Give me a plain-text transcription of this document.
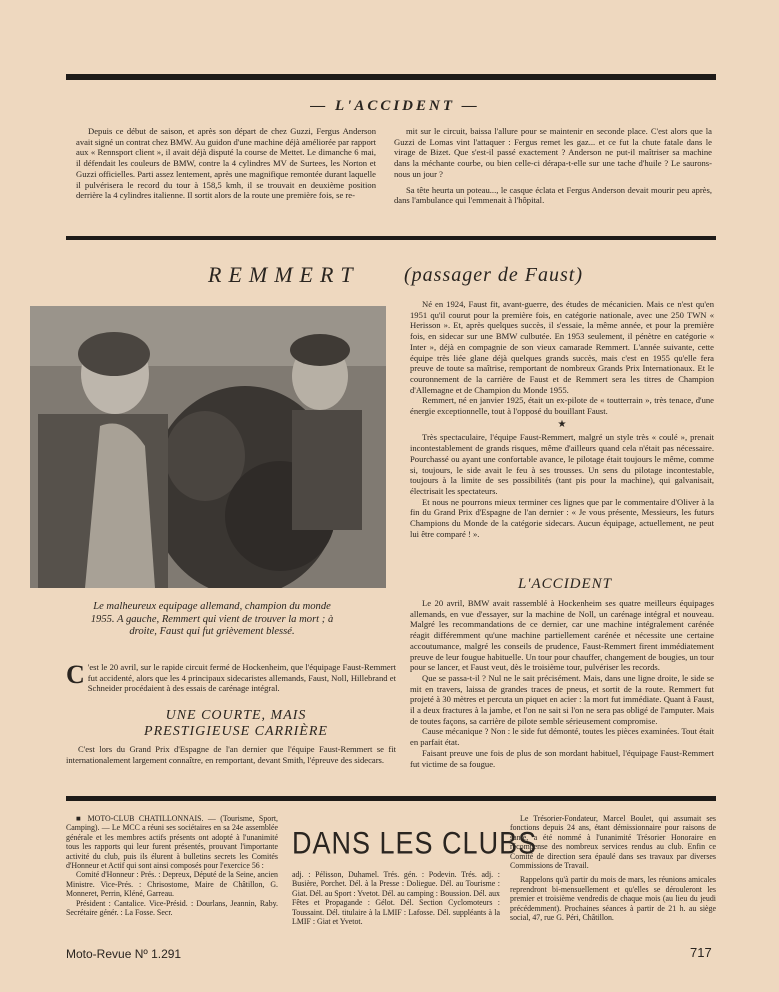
— L'ACCIDENT —

Depuis ce début de saison, et après son départ de chez Guzzi, Fergus Anderson avait signé un contrat chez BMW. Au guidon d'une machine déjà améliorée par rapport aux « Rennsport client », il avait déjà disputé la course de Mettet. Le dimanche 6 mai, il défendait les couleurs de BMW, contre la 4 cylindres MV de Surtees, les Norton et Guzzi officielles. Parti assez lentement, après une magnifique remontée durant laquelle il pulvérisera le record du tour à 158,5 kmh, il se trouvait en deuxième position derrière la 4 cylindres italienne. Il sortit alors de la route une première fois, se re-

mit sur le circuit, baissa l'allure pour se maintenir en seconde place. C'est alors que la Guzzi de Lomas vint l'attaquer : Fergus remet les gaz... et ce fut la chute fatale dans le virage de Bizet. Que s'est-il passé exactement ? Anderson ne put-il maîtriser sa machine dans la méchante courbe, ou bien celle-ci dérapa-t-elle sur une tache d'huile ? Le saurons-nous un jour ?

Sa tête heurta un poteau..., le casque éclata et Fergus Anderson devait mourir peu après, dans l'ambulance qui l'emmenait à l'hôpital.

REMMERT (passager de Faust)
Le malheureux equipage allemand, champion du monde 1955. A gauche, Remmert qui vient de trouver la mort ; à droite, Faust qui fut grièvement blessé.
C 'est le 20 avril, sur le rapide circuit fermé de Hockenheim, que l'équipage Faust-Remmert fut accidenté, alors que les 4 principaux sidecaristes allemands, Faust, Noll, Hillebrand et Schneider procédaient à des essais de carénage intégral.
UNE COURTE, MAIS PRESTIGIEUSE CARRIÈRE

C'est lors du Grand Prix d'Espagne de l'an dernier que l'équipe Faust-Remmert se fit internationalement largement connaître, en remportant, devant Smith, l'épreuve des sidecars.

Né en 1924, Faust fit, avant-guerre, des études de mécanicien. Mais ce n'est qu'en 1951 qu'il courut pour la première fois, en catégorie nationale, avec une 250 TWN « Herisson ». Et, après quelques succès, il s'essaie, la même année, et pour la première fois, en sidecar sur une BMW culbutée. En 1953 seulement, il pénètre en catégorie « Inter », déjà en compagnie de son vieux camarade Remmert. L'année suivante, cette équipe très liée glane déjà quelques grands succès, mais c'est en 1955 qu'elle fera preuve de toute sa maîtrise, remportant de nombreux Grands Prix Internationaux. Et le couronnement de la carrière de Faust et de Remmert sera les titres de Champion d'Allemagne et de Champion du Monde 1955.

Remmert, né en janvier 1925, était un ex-pilote de « toutterrain », très tenace, d'une énergie exceptionnelle, tout à l'opposé du bouillant Faust.

★

Très spectaculaire, l'équipe Faust-Remmert, malgré un style très « coulé », prenait incontestablement de grands risques, même d'ailleurs quand cela n'était pas nécessaire. Pourchassé ou ayant une confortable avance, le pilotage était toujours le même, comme si, toujours, le side avait le feu à ses trousses. Un sens du pilotage incontestable, toujours à la limite de ses possibilités (tant pis pour la machine), qui galvanisait, électrisait les spectateurs.

Et nous ne pourrons mieux terminer ces lignes que par le commentaire d'Oliver à la fin du Grand Prix d'Espagne de l'an dernier : « Je vous présente, Messieurs, les futurs Champions du Monde de la catégorie sidecars. Aucun équipage, actuellement, ne peut lui être comparé ! ».

L'ACCIDENT

Le 20 avril, BMW avait rassemblé à Hockenheim ses quatre meilleurs équipages allemands, en vue d'essayer, sur la machine de Noll, un carénage intégral et nouveau. Malgré les recommandations de ce dernier, car une machine intégralement carénée réagit différemment qu'une machine partiellement carénée et nécessite une certaine accoutumance, malgré les conseils de prudence, Faust-Remmert firent immédiatement preuve de leur fougue habituelle. Un tour pour chauffer, changement de bougies, un tour pour se lancer, et Faust veut, dès le troisième tour, pulvériser les records.

Que se passa-t-il ? Nul ne le sait précisément. Mais, dans une ligne droite, le side se mit en travers, laissa de grandes traces de pneus, et sortit de la route. Remmert fut projeté à 30 mètres et percuta un piquet en acier : la mort fut immédiate. Quant à Faust, il a deux fractures à la jambe, et l'on ne sait si l'on ne sera pas obligé de l'amputer. Mais de toutes façons, sa carrière de pilote semble sérieusement compromise.

Cause mécanique ? Non : le side fut démonté, toutes les pièces examinées. Tout était en parfait état.

Faisant preuve une fois de plus de son mordant habituel, l'équipage Faust-Remmert fut victime de sa fougue.

■ MOTO-CLUB CHATILLONNAIS. — (Tourisme, Sport, Camping). — Le MCC a réuni ses sociétaires en sa 24e assemblée générale et les membres actifs présents ont adopté à l'unanimité tous les rapports qui leur furent présentés, prouvant l'importante activité du club, puis ils élurent à bulletins secrets les Comités d'Honneur et Actif qui sont ainsi composés pour l'exercice 56 :

Comité d'Honneur : Prés. : Depreux, Député de la Seine, ancien Ministre. Vice-Prés. : Chrisostome, Maire de Châtillon, G. Monneret, Perrin, Kléné, Garreau.

Président : Cantalice. Vice-Présid. : Dourlans, Jeannin, Raby. Secrétaire génér. : La Fosse. Secr.

DANS LES CLUBS

adj. : Pélisson, Duhamel. Trés. gén. : Podevin. Trés. adj. : Busière, Porchet. Dél. à la Presse : Doliegue. Dél. au Tourisme : Giat. Dél. au Sport : Yvetot. Dél. au camping : Boussion. Dél. aux Fêtes et Propagande : Gélot. Dél. Section Cyclomoteurs : Toussaint. Dél. titulaire à la LMIF : Lafosse. Dél. suppléants à la LMIF : Giat et Yvetot.

Le Trésorier-Fondateur, Marcel Boulet, qui assumait ses fonctions depuis 24 ans, étant démissionnaire pour raisons de santé, a été nommé à l'unanimité Trésorier Honoraire en récompense des nombreux services rendus au club. Enfin ce Comité de direction sera épaulé dans ses travaux par diverses Commissions de Travail.

Rappelons qu'à partir du mois de mars, les réunions amicales reprendront bi-mensuellement et qu'elles se dérouleront les premier et troisième vendredis de chaque mois (au lieu du jeudi précédemment). Prochaines séances à partir de 21 h. au siège social, 47, rue G. Péri, Châtillon.

Moto-Revue Nº 1.291	717
